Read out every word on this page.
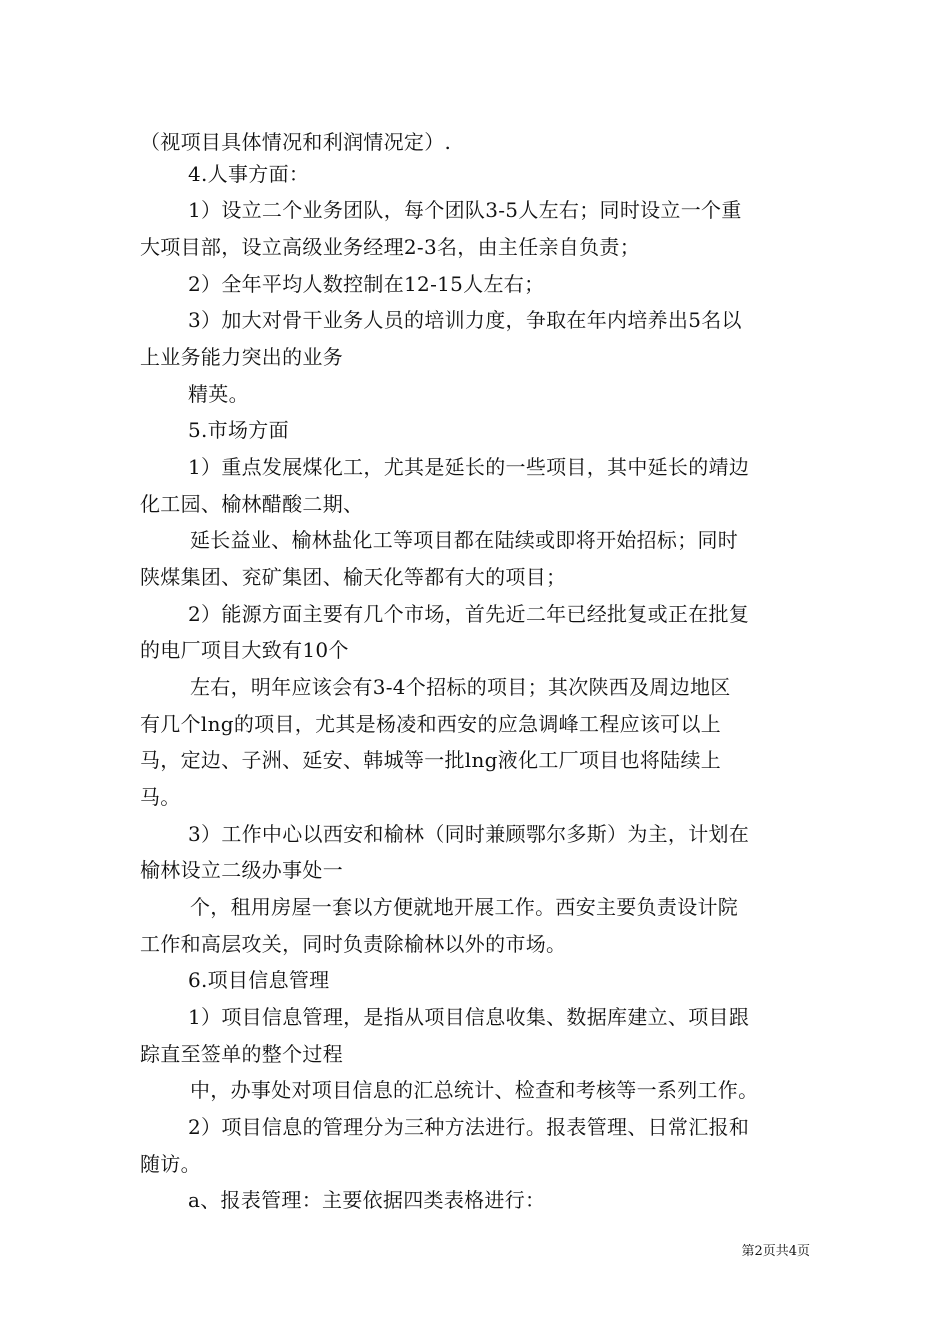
（视项目具体情况和利润情况定）.
4.人事方面：
1）设立二个业务团队，每个团队3-5人左右；同时设立一个重
大项目部，设立高级业务经理2-3名，由主任亲自负责；
2）全年平均人数控制在12-15人左右；
3）加大对骨干业务人员的培训力度，争取在年内培养出5名以
上业务能力突出的业务
精英。
5.市场方面
1）重点发展煤化工，尤其是延长的一些项目，其中延长的靖边
化工园、榆林醋酸二期、
延长益业、榆林盐化工等项目都在陆续或即将开始招标；同时
陕煤集团、兖矿集团、榆天化等都有大的项目；
2）能源方面主要有几个市场，首先近二年已经批复或正在批复
的电厂项目大致有10个
左右，明年应该会有3-4个招标的项目；其次陕西及周边地区
有几个lng的项目，尤其是杨凌和西安的应急调峰工程应该可以上
马，定边、子洲、延安、韩城等一批lng液化工厂项目也将陆续上
马。
3）工作中心以西安和榆林（同时兼顾鄂尔多斯）为主，计划在
榆林设立二级办事处一
个，租用房屋一套以方便就地开展工作。西安主要负责设计院
工作和高层攻关，同时负责除榆林以外的市场。
6.项目信息管理
1）项目信息管理，是指从项目信息收集、数据库建立、项目跟
踪直至签单的整个过程
中，办事处对项目信息的汇总统计、检查和考核等一系列工作。
2）项目信息的管理分为三种方法进行。报表管理、日常汇报和
随访。
a、报表管理：主要依据四类表格进行：
第2页共4页
